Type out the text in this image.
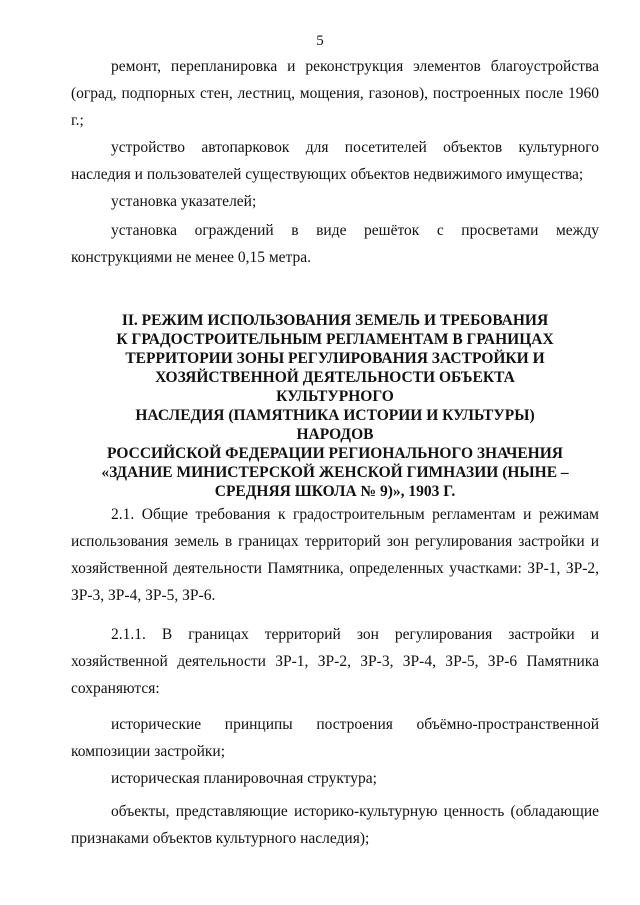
5

ремонт, перепланировка и реконструкция элементов благоустройства (оград, подпорных стен, лестниц, мощения, газонов), построенных после 1960 г.;

устройство автопарковок для посетителей объектов культурного наследия и пользователей существующих объектов недвижимого имущества;

установка указателей;

установка ограждений в виде решёток с просветами между конструкциями не менее 0,15 метра.

II. РЕЖИМ ИСПОЛЬЗОВАНИЯ ЗЕМЕЛЬ И ТРЕБОВАНИЯ
К ГРАДОСТРОИТЕЛЬНЫМ РЕГЛАМЕНТАМ В ГРАНИЦАХ
ТЕРРИТОРИИ ЗОНЫ РЕГУЛИРОВАНИЯ ЗАСТРОЙКИ И
ХОЗЯЙСТВЕННОЙ ДЕЯТЕЛЬНОСТИ ОБЪЕКТА КУЛЬТУРНОГО
НАСЛЕДИЯ (ПАМЯТНИКА ИСТОРИИ И КУЛЬТУРЫ) НАРОДОВ
РОССИЙСКОЙ ФЕДЕРАЦИИ РЕГИОНАЛЬНОГО ЗНАЧЕНИЯ
«ЗДАНИЕ МИНИСТЕРСКОЙ ЖЕНСКОЙ ГИМНАЗИИ (НЫНЕ –
СРЕДНЯЯ ШКОЛА № 9)», 1903 Г.

2.1. Общие требования к градостроительным регламентам и режимам использования земель в границах территорий зон регулирования застройки и хозяйственной деятельности Памятника, определенных участками: ЗР-1, ЗР-2, ЗР-3, ЗР-4, ЗР-5, ЗР-6.

2.1.1. В границах территорий зон регулирования застройки и хозяйственной деятельности ЗР-1, ЗР-2, ЗР-3, ЗР-4, ЗР-5, ЗР-6 Памятника сохраняются:

исторические принципы построения объёмно-пространственной композиции застройки;

историческая планировочная структура;

объекты, представляющие историко-культурную ценность (обладающие признаками объектов культурного наследия);
